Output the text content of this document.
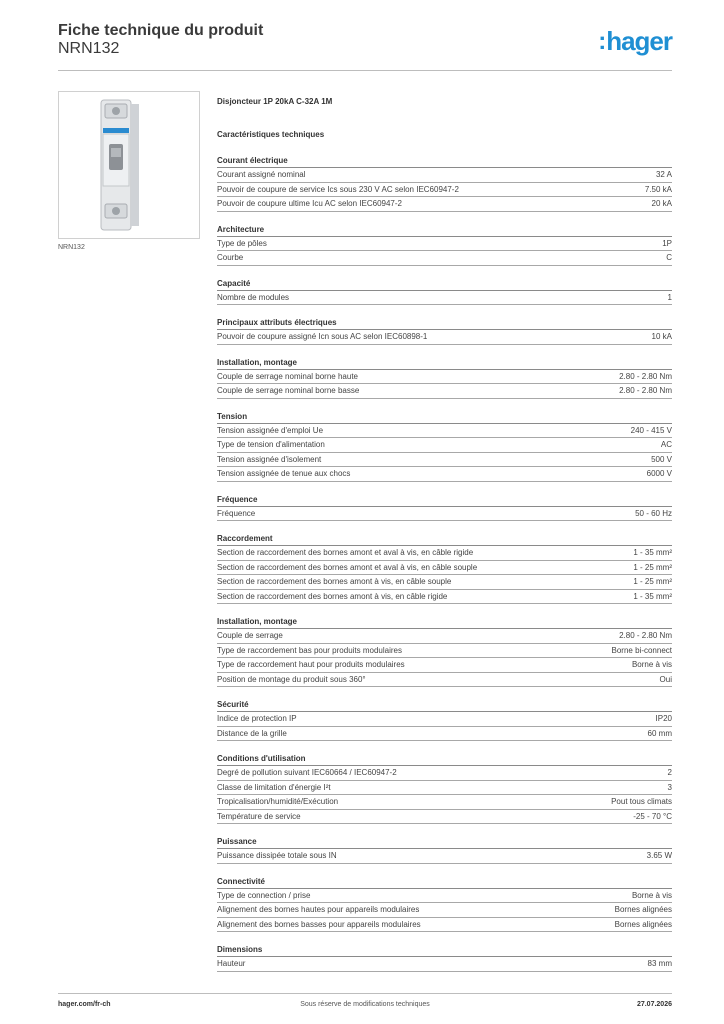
Fiche technique du produit
NRN132	: hager
NRN132
Disjoncteur 1P 20kA C-32A 1M
Caractéristiques techniques
Courant électrique
Courant assigné nominal	32 A
Pouvoir de coupure de service Ics sous 230 V AC selon IEC60947-2	7.50 kA
Pouvoir de coupure ultime Icu AC selon IEC60947-2	20 kA
Architecture
Type de pôles	1P
Courbe	C
Capacité
Nombre de modules	1
Principaux attributs électriques
Pouvoir de coupure assigné Icn sous AC selon IEC60898-1	10 kA
Installation, montage
Couple de serrage nominal borne haute	2.80 - 2.80 Nm
Couple de serrage nominal borne basse	2.80 - 2.80 Nm
Tension
Tension assignée d'emploi Ue	240 - 415 V
Type de tension d'alimentation	AC
Tension assignée d'isolement	500 V
Tension assignée de tenue aux chocs	6000 V
Fréquence
Fréquence	50 - 60 Hz
Raccordement
Section de raccordement des bornes amont et aval à vis, en câble rigide	1 - 35 mm²
Section de raccordement des bornes amont et aval à vis, en câble souple	1 - 25 mm²
Section de raccordement des bornes amont à vis, en câble souple	1 - 25 mm²
Section de raccordement des bornes amont à vis, en câble rigide	1 - 35 mm²
Installation, montage
Couple de serrage	2.80 - 2.80 Nm
Type de raccordement bas pour produits modulaires	Borne bi-connect
Type de raccordement haut pour produits modulaires	Borne à vis
Position de montage du produit sous 360°	Oui
Sécurité
Indice de protection IP	IP20
Distance de la grille	60 mm
Conditions d'utilisation
Degré de pollution suivant IEC60664 / IEC60947-2	2
Classe de limitation d'énergie I²t	3
Tropicalisation/humidité/Exécution	Pout tous climats
Température de service	-25 - 70 °C
Puissance
Puissance dissipée totale sous IN	3.65 W
Connectivité
Type de connection / prise	Borne à vis
Alignement des bornes hautes pour appareils modulaires	Bornes alignées
Alignement des bornes basses pour appareils modulaires	Bornes alignées
Dimensions
Hauteur	83 mm
hager.com/fr-ch	Sous réserve de modifications techniques	27.07.2026
